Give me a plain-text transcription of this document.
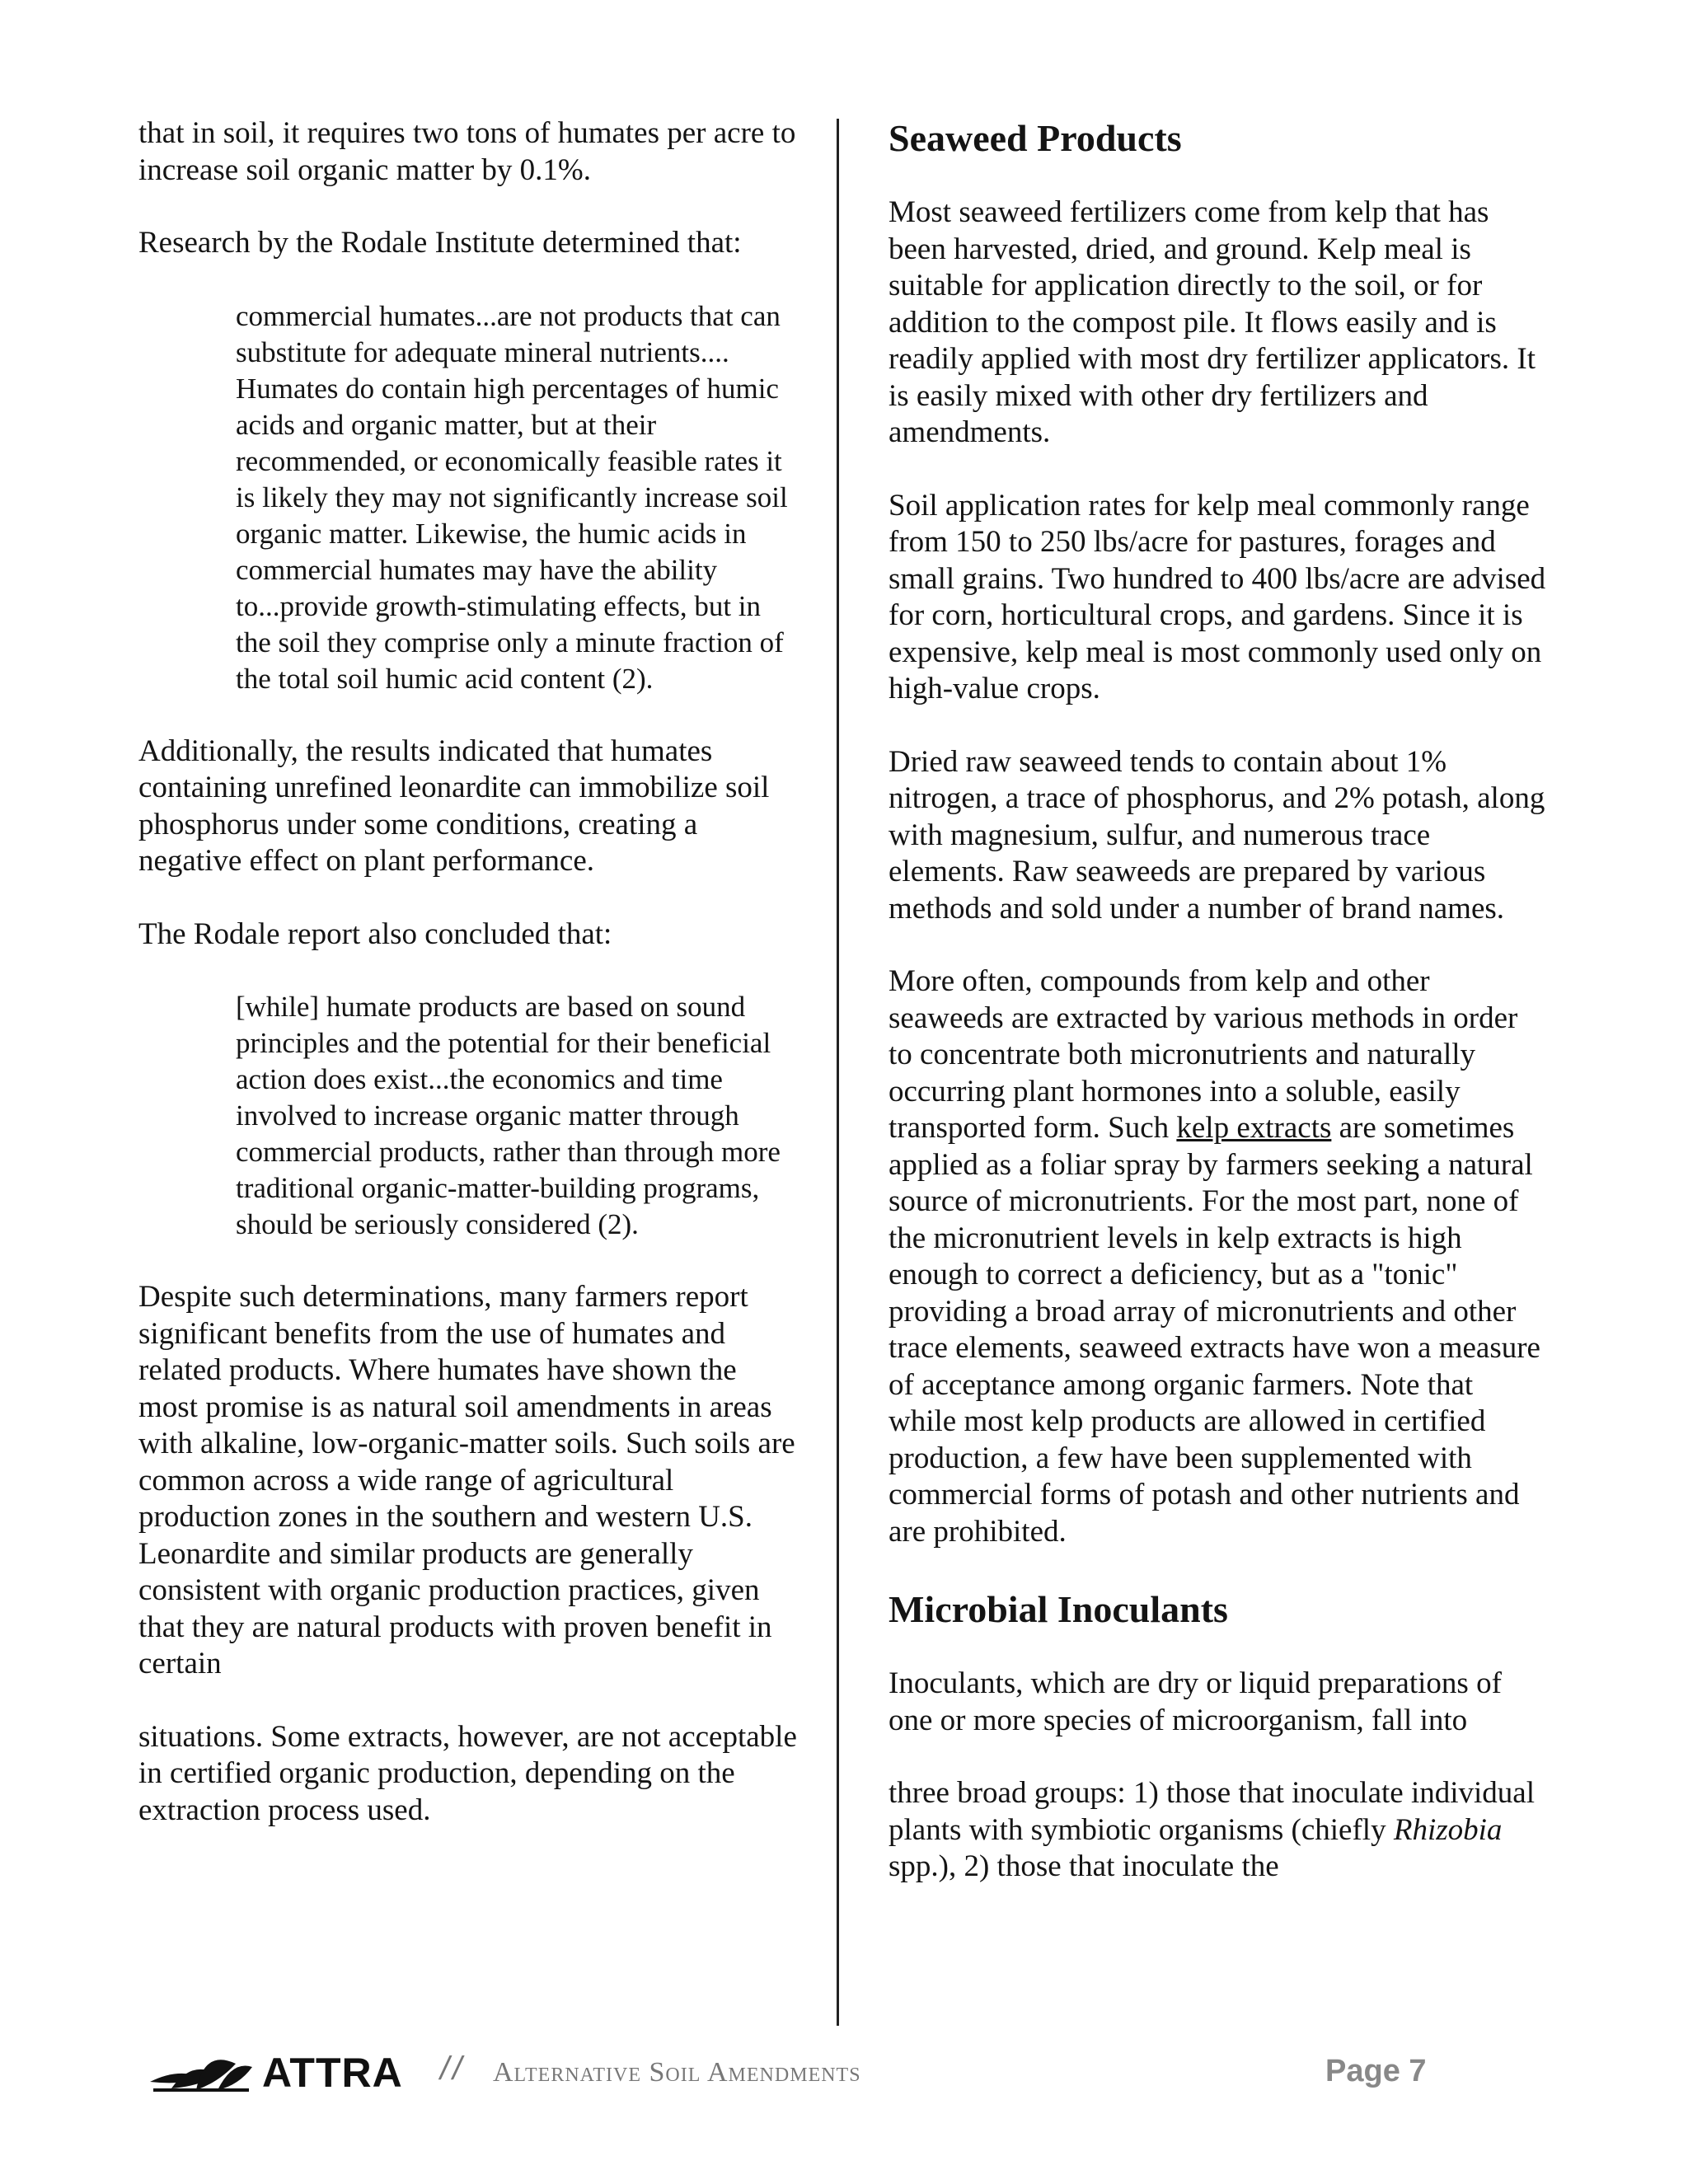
that in soil, it requires two tons of humates per acre to increase soil organic matter by 0.1%.

Research by the Rodale Institute determined that:

commercial humates...are not products that can substitute for adequate mineral nutrients.... Humates do contain high percentages of humic acids and organic matter, but at their recommended, or economically feasible rates it is likely they may not significantly increase soil organic matter. Likewise, the humic acids in commercial humates may have the ability to...provide growth-stimulating effects, but in the soil they comprise only a minute fraction of the total soil humic acid content (2).

Additionally, the results indicated that humates containing unrefined leonardite can immobilize soil phosphorus under some conditions, creating a negative effect on plant performance.

The Rodale report also concluded that:

[while] humate products are based on sound principles and the potential for their beneficial action does exist...the economics and time involved to increase organic matter through commercial products, rather than through more traditional organic-matter-building programs, should be seriously considered (2).

Despite such determinations, many farmers report significant benefits from the use of humates and related products. Where humates have shown the most promise is as natural soil amendments in areas with alkaline, low-organic-matter soils. Such soils are common across a wide range of agricultural production zones in the southern and western U.S. Leonardite and similar products are generally consistent with organic production practices, given that they are natural products with proven benefit in certain

situations. Some extracts, however, are not acceptable in certified organic production, depending on the extraction process used.

Seaweed Products

Most seaweed fertilizers come from kelp that has been harvested, dried, and ground. Kelp meal is suitable for application directly to the soil, or for addition to the compost pile. It flows easily and is readily applied with most dry fertilizer applicators. It is easily mixed with other dry fertilizers and amendments.

Soil application rates for kelp meal commonly range from 150 to 250 lbs/acre for pastures, forages and small grains. Two hundred to 400 lbs/acre are advised for corn, horticultural crops, and gardens. Since it is expensive, kelp meal is most commonly used only on high-value crops.

Dried raw seaweed tends to contain about 1% nitrogen, a trace of phosphorus, and 2% potash, along with magnesium, sulfur, and numerous trace elements. Raw seaweeds are prepared by various methods and sold under a number of brand names.

More often, compounds from kelp and other seaweeds are extracted by various methods in order to concentrate both micronutrients and naturally occurring plant hormones into a soluble, easily transported form. Such kelp extracts are sometimes applied as a foliar spray by farmers seeking a natural source of micronutrients. For the most part, none of the micronutrient levels in kelp extracts is high enough to correct a deficiency, but as a "tonic" providing a broad array of micronutrients and other trace elements, seaweed extracts have won a measure of acceptance among organic farmers. Note that while most kelp products are allowed in certified production, a few have been supplemented with commercial forms of potash and other nutrients and are prohibited.

Microbial Inoculants

Inoculants, which are dry or liquid preparations of one or more species of microorganism, fall into

three broad groups: 1) those that inoculate individual plants with symbiotic organisms (chiefly Rhizobia spp.), 2) those that inoculate the

ATTRA // Alternative Soil Amendments	Page 7
